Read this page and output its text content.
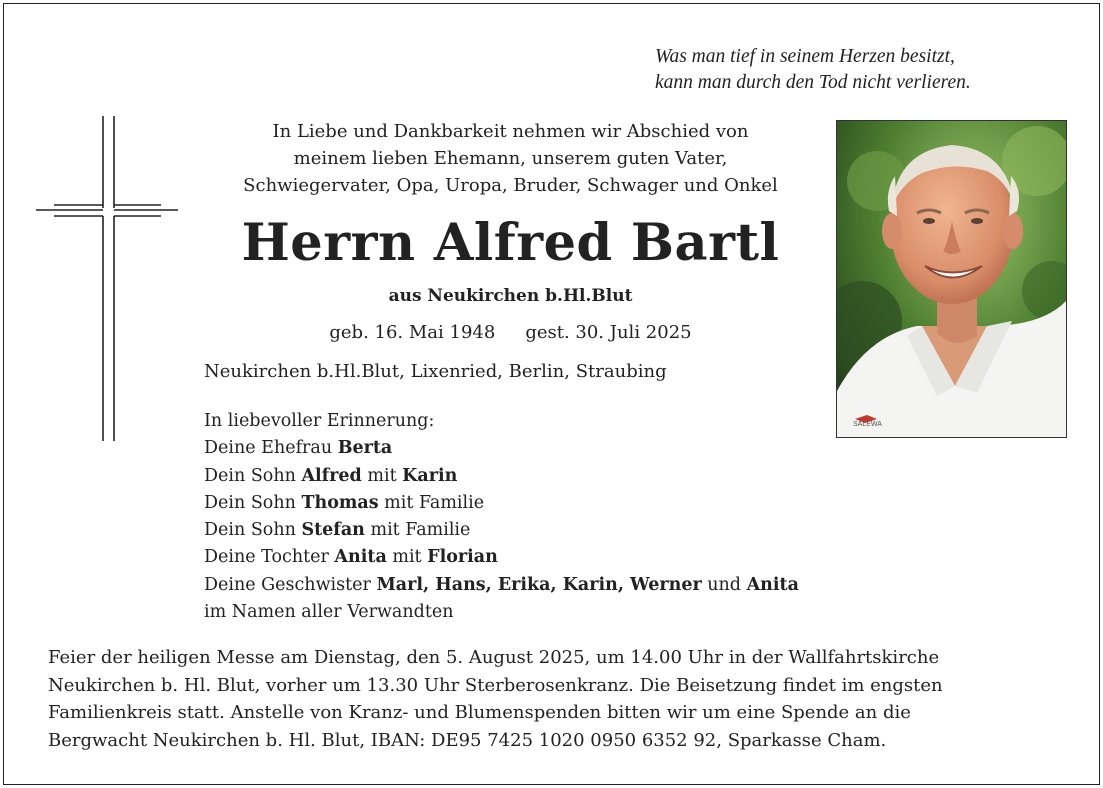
Was man tief in seinem Herzen besitzt,
kann man durch den Tod nicht verlieren.
In Liebe und Dankbarkeit nehmen wir Abschied von
meinem lieben Ehemann, unserem guten Vater,
Schwiegervater, Opa, Uropa, Bruder, Schwager und Onkel
Herrn Alfred Bartl
aus Neukirchen b.Hl.Blut
geb. 16. Mai 1948 gest. 30. Juli 2025
Neukirchen b.Hl.Blut, Lixenried, Berlin, Straubing
In liebevoller Erinnerung:
Deine Ehefrau Berta
Dein Sohn Alfred mit Karin
Dein Sohn Thomas mit Familie
Dein Sohn Stefan mit Familie
Deine Tochter Anita mit Florian
Deine Geschwister Marl, Hans, Erika, Karin, Werner und Anita
im Namen aller Verwandten
SALEWA
Feier der heiligen Messe am Dienstag, den 5. August 2025, um 14.00 Uhr in der Wallfahrtskirche
Neukirchen b. Hl. Blut, vorher um 13.30 Uhr Sterberosenkranz. Die Beisetzung findet im engsten
Familienkreis statt. Anstelle von Kranz- und Blumenspenden bitten wir um eine Spende an die
Bergwacht Neukirchen b. Hl. Blut, IBAN: DE95 7425 1020 0950 6352 92, Sparkasse Cham.
